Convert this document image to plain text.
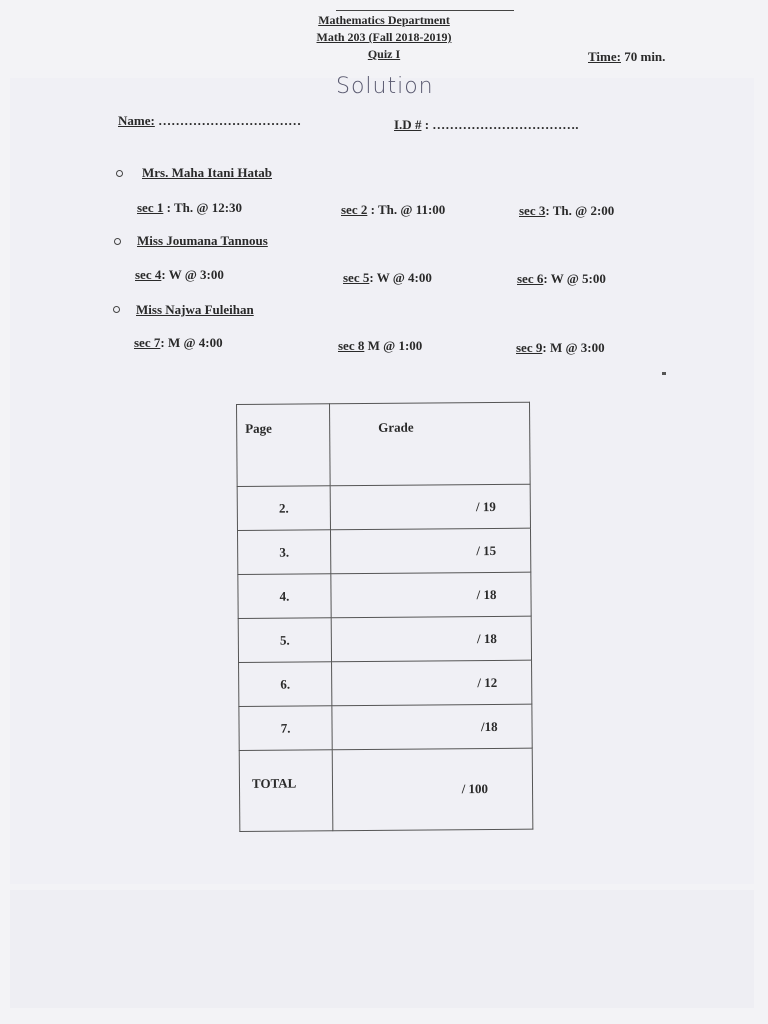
Mathematics Department
Math 203 (Fall 2018-2019)
Quiz I	Time: 70 min.
Solution
Name: ……………………………	I.D # : …………………………….
Mrs. Maha Itani Hatab
sec 1 : Th. @ 12:30	sec 2 : Th. @ 11:00	sec 3: Th. @ 2:00
Miss Joumana Tannous
sec 4: W @ 3:00	sec 5: W @ 4:00	sec 6: W @ 5:00
Miss Najwa Fuleihan
sec 7: M @ 4:00	sec 8 M @ 1:00	sec 9: M @ 3:00
Page	Grade
2.	/ 19
3.	/ 15
4.	/ 18
5.	/ 18
6.	/ 12
7.	/18
TOTAL	/ 100
